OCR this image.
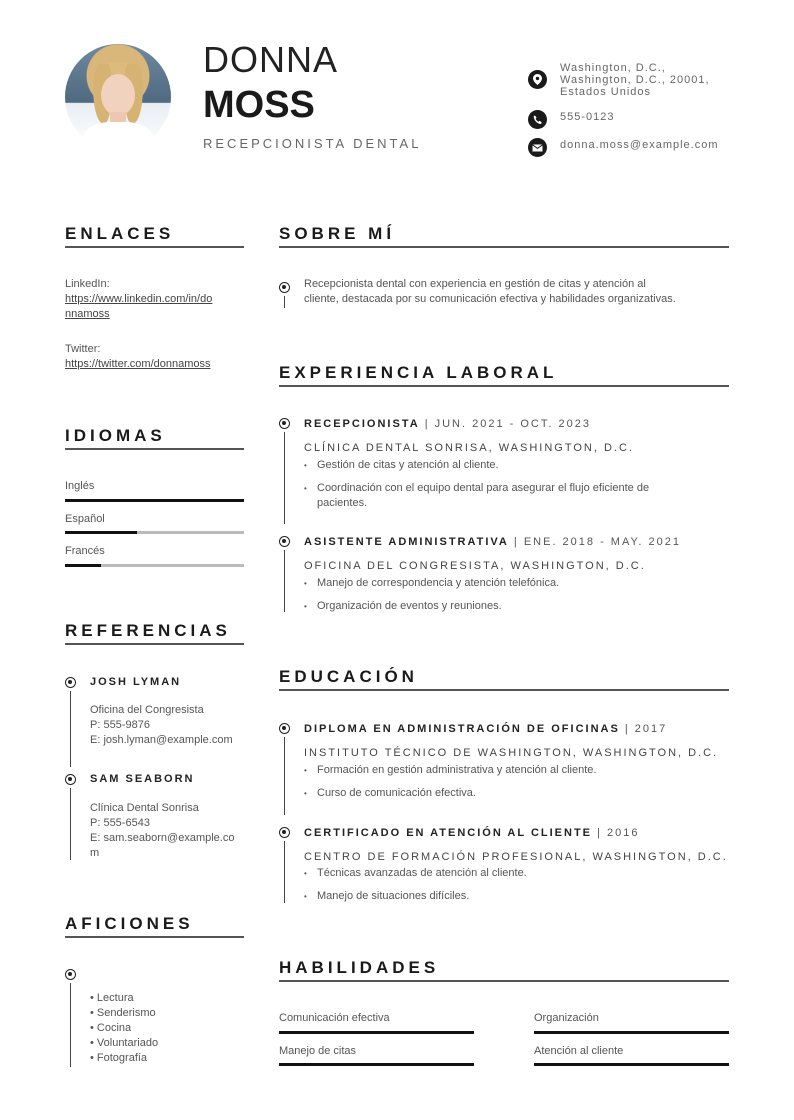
DONNA
MOSS
RECEPCIONISTA DENTAL
Washington, D.C.,
Washington, D.C., 20001,
Estados Unidos
555-0123
donna.moss@example.com
ENLACES
LinkedIn:
https://www.linkedin.com/in/do
nnamoss
Twitter:
https://twitter.com/donnamoss
IDIOMAS
Inglés
Español
Francés
REFERENCIAS
JOSH LYMAN
Oficina del Congresista
P: 555-9876
E: josh.lyman@example.com
SAM SEABORN
Clínica Dental Sonrisa
P: 555-6543
E: sam.seaborn@example.co
m
AFICIONES
• Lectura
• Senderismo
• Cocina
• Voluntariado
• Fotografía
SOBRE MÍ
Recepcionista dental con experiencia en gestión de citas y atención al
cliente, destacada por su comunicación efectiva y habilidades organizativas.
EXPERIENCIA LABORAL
RECEPCIONISTA | JUN. 2021 - OCT. 2023
CLÍNICA DENTAL SONRISA, WASHINGTON, D.C.
• Gestión de citas y atención al cliente.
• Coordinación con el equipo dental para asegurar el flujo eficiente de
pacientes.
ASISTENTE ADMINISTRATIVA | ENE. 2018 - MAY. 2021
OFICINA DEL CONGRESISTA, WASHINGTON, D.C.
• Manejo de correspondencia y atención telefónica.
• Organización de eventos y reuniones.
EDUCACIÓN
DIPLOMA EN ADMINISTRACIÓN DE OFICINAS | 2017
INSTITUTO TÉCNICO DE WASHINGTON, WASHINGTON, D.C.
• Formación en gestión administrativa y atención al cliente.
• Curso de comunicación efectiva.
CERTIFICADO EN ATENCIÓN AL CLIENTE | 2016
CENTRO DE FORMACIÓN PROFESIONAL, WASHINGTON, D.C.
• Técnicas avanzadas de atención al cliente.
• Manejo de situaciones difíciles.
HABILIDADES
Comunicación efectiva	Organización
Manejo de citas	Atención al cliente
